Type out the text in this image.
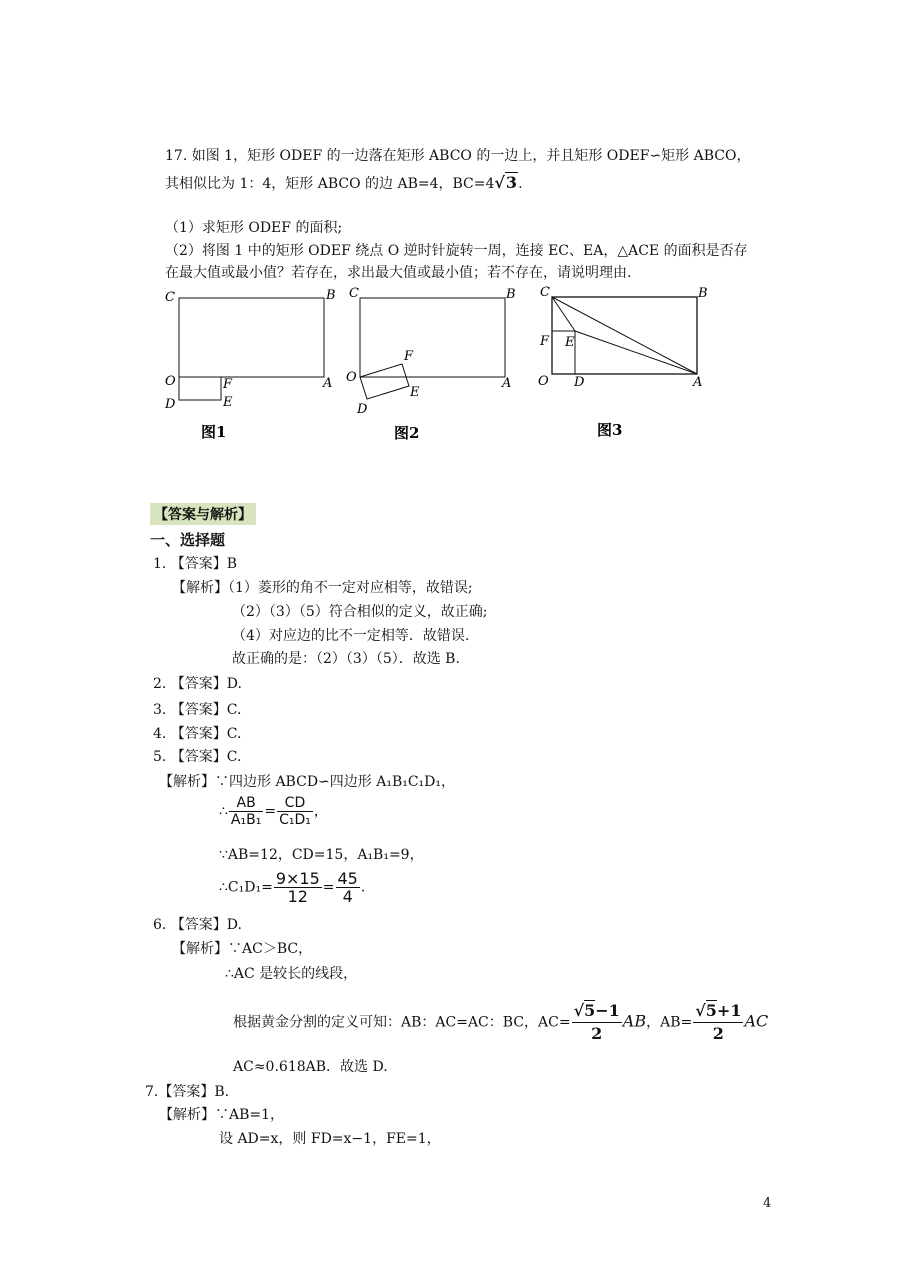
17. 如图 1，矩形 ODEF 的一边落在矩形 ABCO 的一边上，并且矩形 ODEF∽矩形 ABCO，
其相似比为 1：4，矩形 ABCO 的边 AB=4，BC=4√3.
（1）求矩形 ODEF 的面积;
（2）将图 1 中的矩形 ODEF 绕点 O 逆时针旋转一周，连接 EC、EA，△ACE 的面积是否存
在最大值或最小值？若存在，求出最大值或最小值；若不存在，请说明理由.
C	B
O	A
D	E
F
图1
C	B
O	A
F
E
D
图2
C	B
F E
O D	A
图3
【答案与解析】
一、选择题
1. 【答案】B
【解析】（1）菱形的角不一定对应相等，故错误;
（2）（3）（5）符合相似的定义，故正确;
（4）对应边的比不一定相等．故错误.
故正确的是：（2）（3）（5）．故选 B.
2. 【答案】D.
3. 【答案】C.
4. 【答案】C.
5. 【答案】C.
【解析】∵四边形 ABCD∽四边形 A₁B₁C₁D₁，
∴ $\frac{AB}{\text{A₁B₁}} = \frac{CD}{\text{C₁D₁}}$ ，
∵AB=12，CD=15，A₁B₁=9，
∴C₁D₁= $\frac{9\times 15}{12} = \frac{45}{4}$ .
6. 【答案】D.
【解析】∵AC＞BC，
∴AC 是较长的线段，
根据黄金分割的定义可知：AB：AC=AC：BC，$AC= \frac{√5-1}{2}$ AB，$AB= \frac{√5+1}{2}$ AC
AC≈0.618AB．故选 D.
7.【答案】B.
【解析】∵AB=1，
设 AD=x，则 FD=x−1，FE=1，
4
